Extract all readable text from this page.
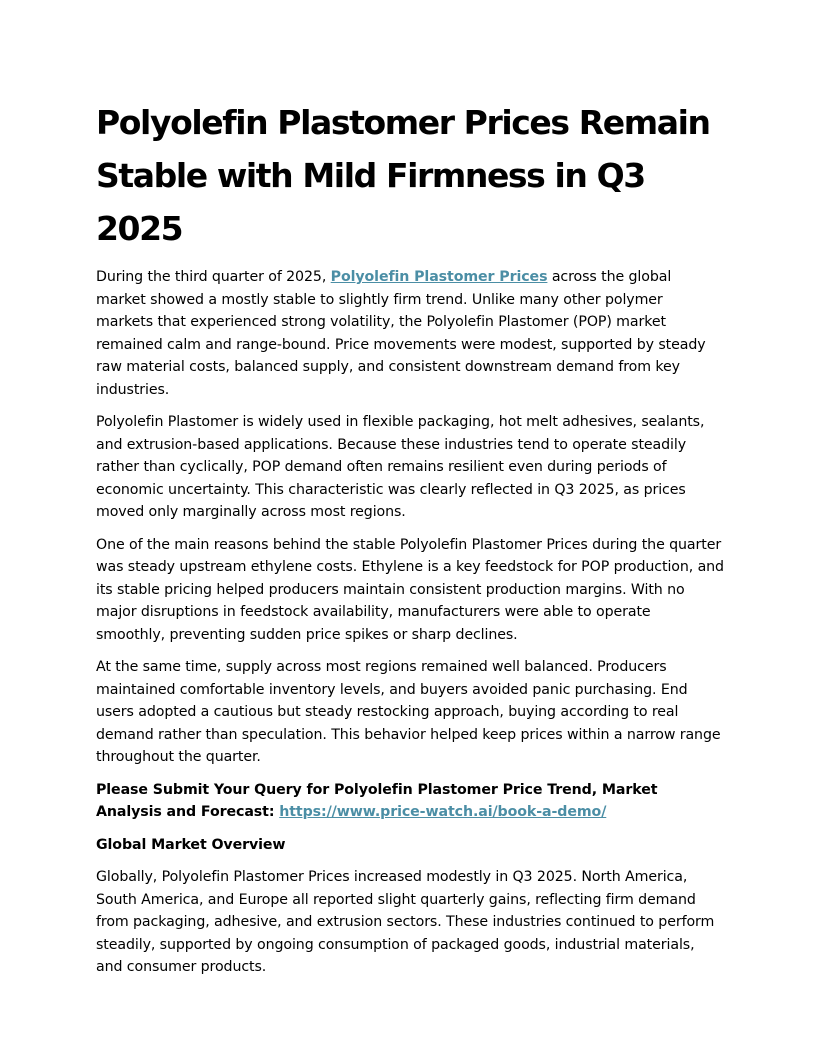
Polyolefin Plastomer Prices Remain Stable with Mild Firmness in Q3 2025

During the third quarter of 2025, Polyolefin Plastomer Prices across the global market showed a mostly stable to slightly firm trend. Unlike many other polymer markets that experienced strong volatility, the Polyolefin Plastomer (POP) market remained calm and range-bound. Price movements were modest, supported by steady raw material costs, balanced supply, and consistent downstream demand from key industries.

Polyolefin Plastomer is widely used in flexible packaging, hot melt adhesives, sealants, and extrusion-based applications. Because these industries tend to operate steadily rather than cyclically, POP demand often remains resilient even during periods of economic uncertainty. This characteristic was clearly reflected in Q3 2025, as prices moved only marginally across most regions.

One of the main reasons behind the stable Polyolefin Plastomer Prices during the quarter was steady upstream ethylene costs. Ethylene is a key feedstock for POP production, and its stable pricing helped producers maintain consistent production margins. With no major disruptions in feedstock availability, manufacturers were able to operate smoothly, preventing sudden price spikes or sharp declines.

At the same time, supply across most regions remained well balanced. Producers maintained comfortable inventory levels, and buyers avoided panic purchasing. End users adopted a cautious but steady restocking approach, buying according to real demand rather than speculation. This behavior helped keep prices within a narrow range throughout the quarter.

Please Submit Your Query for Polyolefin Plastomer Price Trend, Market Analysis and Forecast: https://www.price-watch.ai/book-a-demo/

Global Market Overview

Globally, Polyolefin Plastomer Prices increased modestly in Q3 2025. North America, South America, and Europe all reported slight quarterly gains, reflecting firm demand from packaging, adhesive, and extrusion sectors. These industries continued to perform steadily, supported by ongoing consumption of packaged goods, industrial materials, and consumer products.
